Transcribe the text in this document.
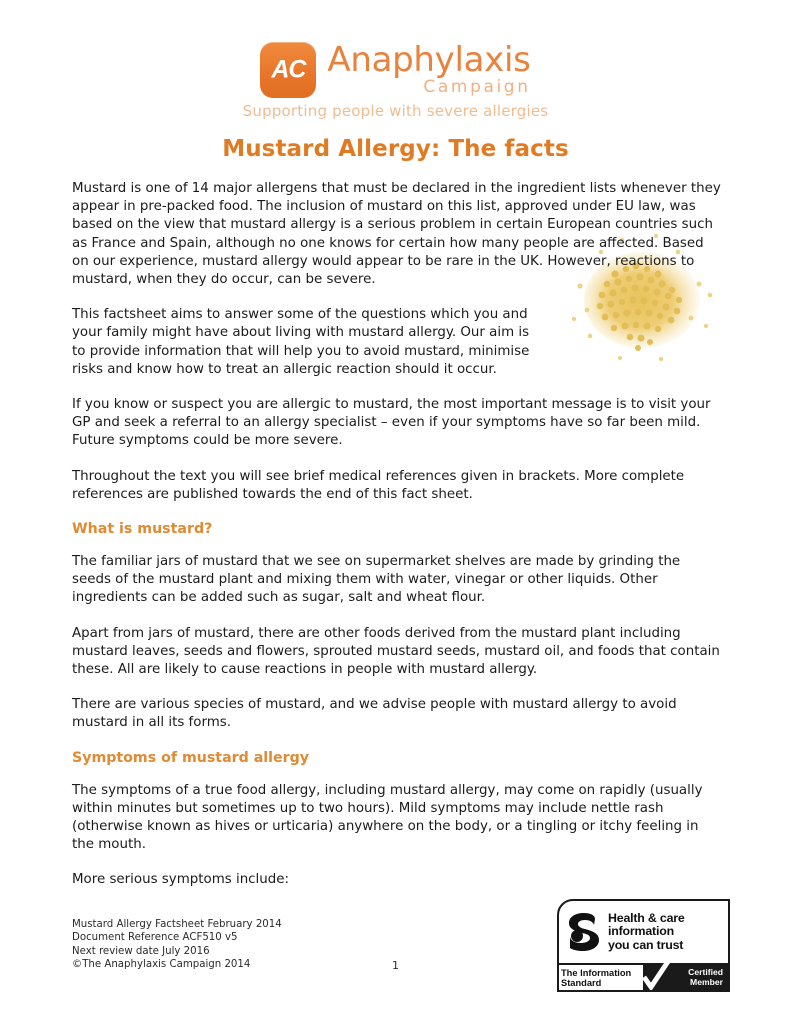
AC Anaphylaxis
Campaign
Supporting people with severe allergies
Mustard Allergy: The facts

Mustard is one of 14 major allergens that must be declared in the ingredient lists whenever they appear in pre-packed food. The inclusion of mustard on this list, approved under EU law, was based on the view that mustard allergy is a serious problem in certain European countries such as France and Spain, although no one knows for certain how many people are affected. Based on our experience, mustard allergy would appear to be rare in the UK. However, reactions to mustard, when they do occur, can be severe.

This factsheet aims to answer some of the questions which you and your family might have about living with mustard allergy. Our aim is to provide information that will help you to avoid mustard, minimise risks and know how to treat an allergic reaction should it occur.

If you know or suspect you are allergic to mustard, the most important message is to visit your GP and seek a referral to an allergy specialist – even if your symptoms have so far been mild. Future symptoms could be more severe.

Throughout the text you will see brief medical references given in brackets. More complete references are published towards the end of this fact sheet.

What is mustard?

The familiar jars of mustard that we see on supermarket shelves are made by grinding the seeds of the mustard plant and mixing them with water, vinegar or other liquids. Other ingredients can be added such as sugar, salt and wheat flour.

Apart from jars of mustard, there are other foods derived from the mustard plant including mustard leaves, seeds and flowers, sprouted mustard seeds, mustard oil, and foods that contain these. All are likely to cause reactions in people with mustard allergy.

There are various species of mustard, and we advise people with mustard allergy to avoid mustard in all its forms.

Symptoms of mustard allergy

The symptoms of a true food allergy, including mustard allergy, may come on rapidly (usually within minutes but sometimes up to two hours). Mild symptoms may include nettle rash (otherwise known as hives or urticaria) anywhere on the body, or a tingling or itchy feeling in the mouth.

More serious symptoms include:

Mustard Allergy Factsheet February 2014
Document Reference ACF510 v5
Next review date July 2016
©The Anaphylaxis Campaign 2014	1
Health & care
information
you can trust
The Information Standard
Certified
Member
